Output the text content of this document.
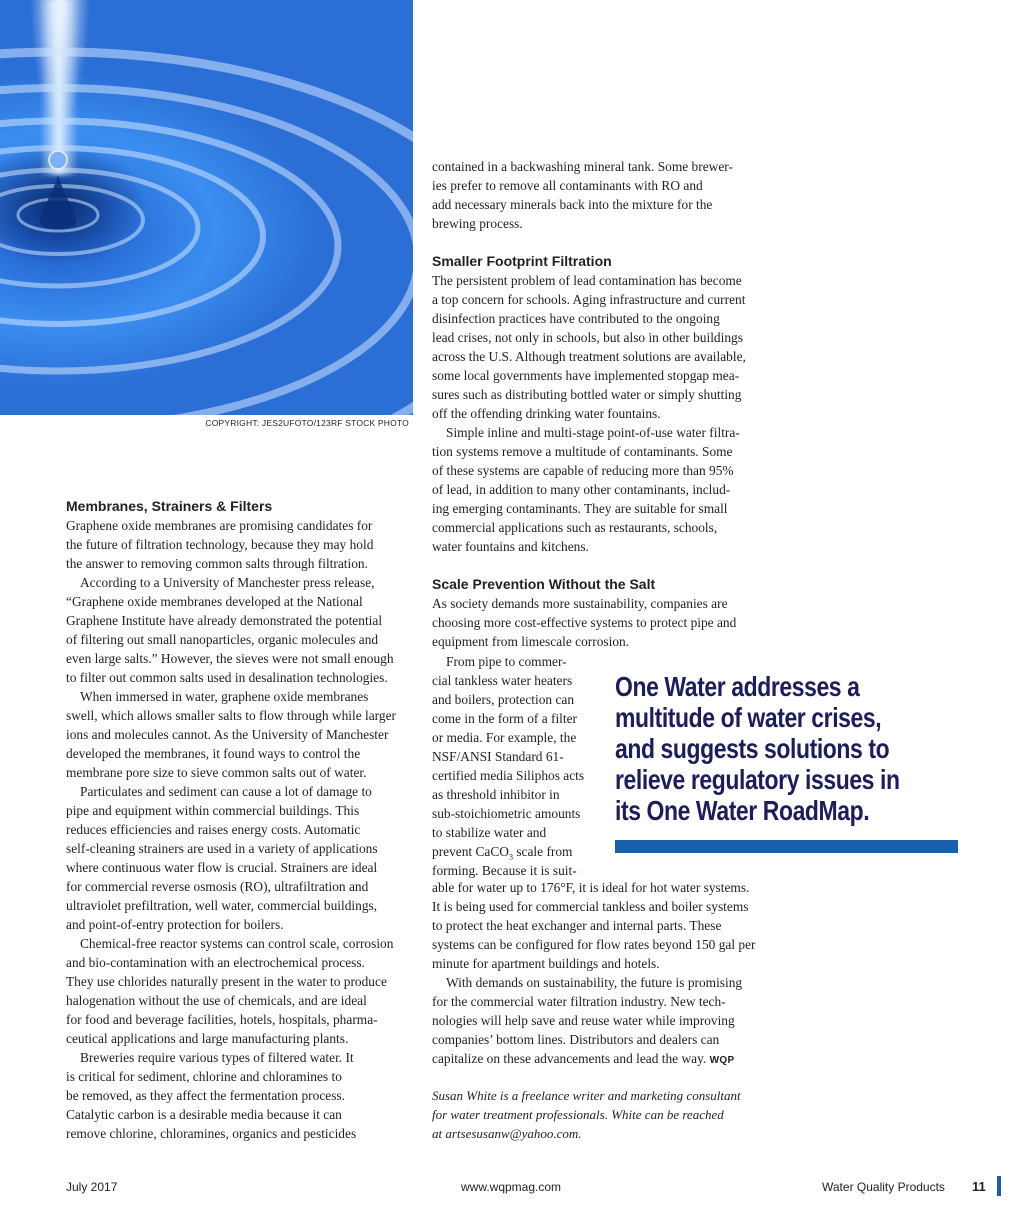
COPYRIGHT: JES2UFOTO/123RF STOCK PHOTO
Membranes, Strainers & Filters

Graphene oxide membranes are promising candidates for
the future of filtration technology, because they may hold
the answer to removing common salts through filtration.

According to a University of Manchester press release,
“Graphene oxide membranes developed at the National
Graphene Institute have already demonstrated the potential
of filtering out small nanoparticles, organic molecules and
even large salts.” However, the sieves were not small enough
to filter out common salts used in desalination technologies.

When immersed in water, graphene oxide membranes
swell, which allows smaller salts to flow through while larger
ions and molecules cannot. As the University of Manchester
developed the membranes, it found ways to control the
membrane pore size to sieve common salts out of water.

Particulates and sediment can cause a lot of damage to
pipe and equipment within commercial buildings. This
reduces efficiencies and raises energy costs. Automatic
self-cleaning strainers are used in a variety of applications
where continuous water flow is crucial. Strainers are ideal
for commercial reverse osmosis (RO), ultrafiltration and
ultraviolet prefiltration, well water, commercial buildings,
and point-of-entry protection for boilers.

Chemical-free reactor systems can control scale, corrosion
and bio-contamination with an electrochemical process.
They use chlorides naturally present in the water to produce
halogenation without the use of chemicals, and are ideal
for food and beverage facilities, hotels, hospitals, pharma-
ceutical applications and large manufacturing plants.

Breweries require various types of filtered water. It
is critical for sediment, chlorine and chloramines to
be removed, as they affect the fermentation process.
Catalytic carbon is a desirable media because it can
remove chlorine, chloramines, organics and pesticides

contained in a backwashing mineral tank. Some brewer-
ies prefer to remove all contaminants with RO and
add necessary minerals back into the mixture for the
brewing process.

Smaller Footprint Filtration

The persistent problem of lead contamination has become
a top concern for schools. Aging infrastructure and current
disinfection practices have contributed to the ongoing
lead crises, not only in schools, but also in other buildings
across the U.S. Although treatment solutions are available,
some local governments have implemented stopgap mea-
sures such as distributing bottled water or simply shutting
off the offending drinking water fountains.

Simple inline and multi-stage point-of-use water filtra-
tion systems remove a multitude of contaminants. Some
of these systems are capable of reducing more than 95%
of lead, in addition to many other contaminants, includ-
ing emerging contaminants. They are suitable for small
commercial applications such as restaurants, schools,
water fountains and kitchens.

Scale Prevention Without the Salt

As society demands more sustainability, companies are
choosing more cost-effective systems to protect pipe and
equipment from limescale corrosion.

From pipe to commer-
cial tankless water heaters
and boilers, protection can
come in the form of a filter
or media. For example, the
NSF/ANSI Standard 61-
certified media Siliphos acts
as threshold inhibitor in
sub-stoichiometric amounts
to stabilize water and
prevent CaCO$_3$ scale from
forming. Because it is suit-
One Water addresses a
multitude of water crises,
and suggests solutions to
relieve regulatory issues in
its One Water RoadMap.

able for water up to 176°F, it is ideal for hot water systems.
It is being used for commercial tankless and boiler systems
to protect the heat exchanger and internal parts. These
systems can be configured for flow rates beyond 150 gal per
minute for apartment buildings and hotels.

With demands on sustainability, the future is promising
for the commercial water filtration industry. New tech-
nologies will help save and reuse water while improving
companies’ bottom lines. Distributors and dealers can
capitalize on these advancements and lead the way. WQP

Susan White is a freelance writer and marketing consultant
for water treatment professionals. White can be reached
at artsesusanw@yahoo.com.
July 2017	www.wqpmag.com	Water Quality Products 11
